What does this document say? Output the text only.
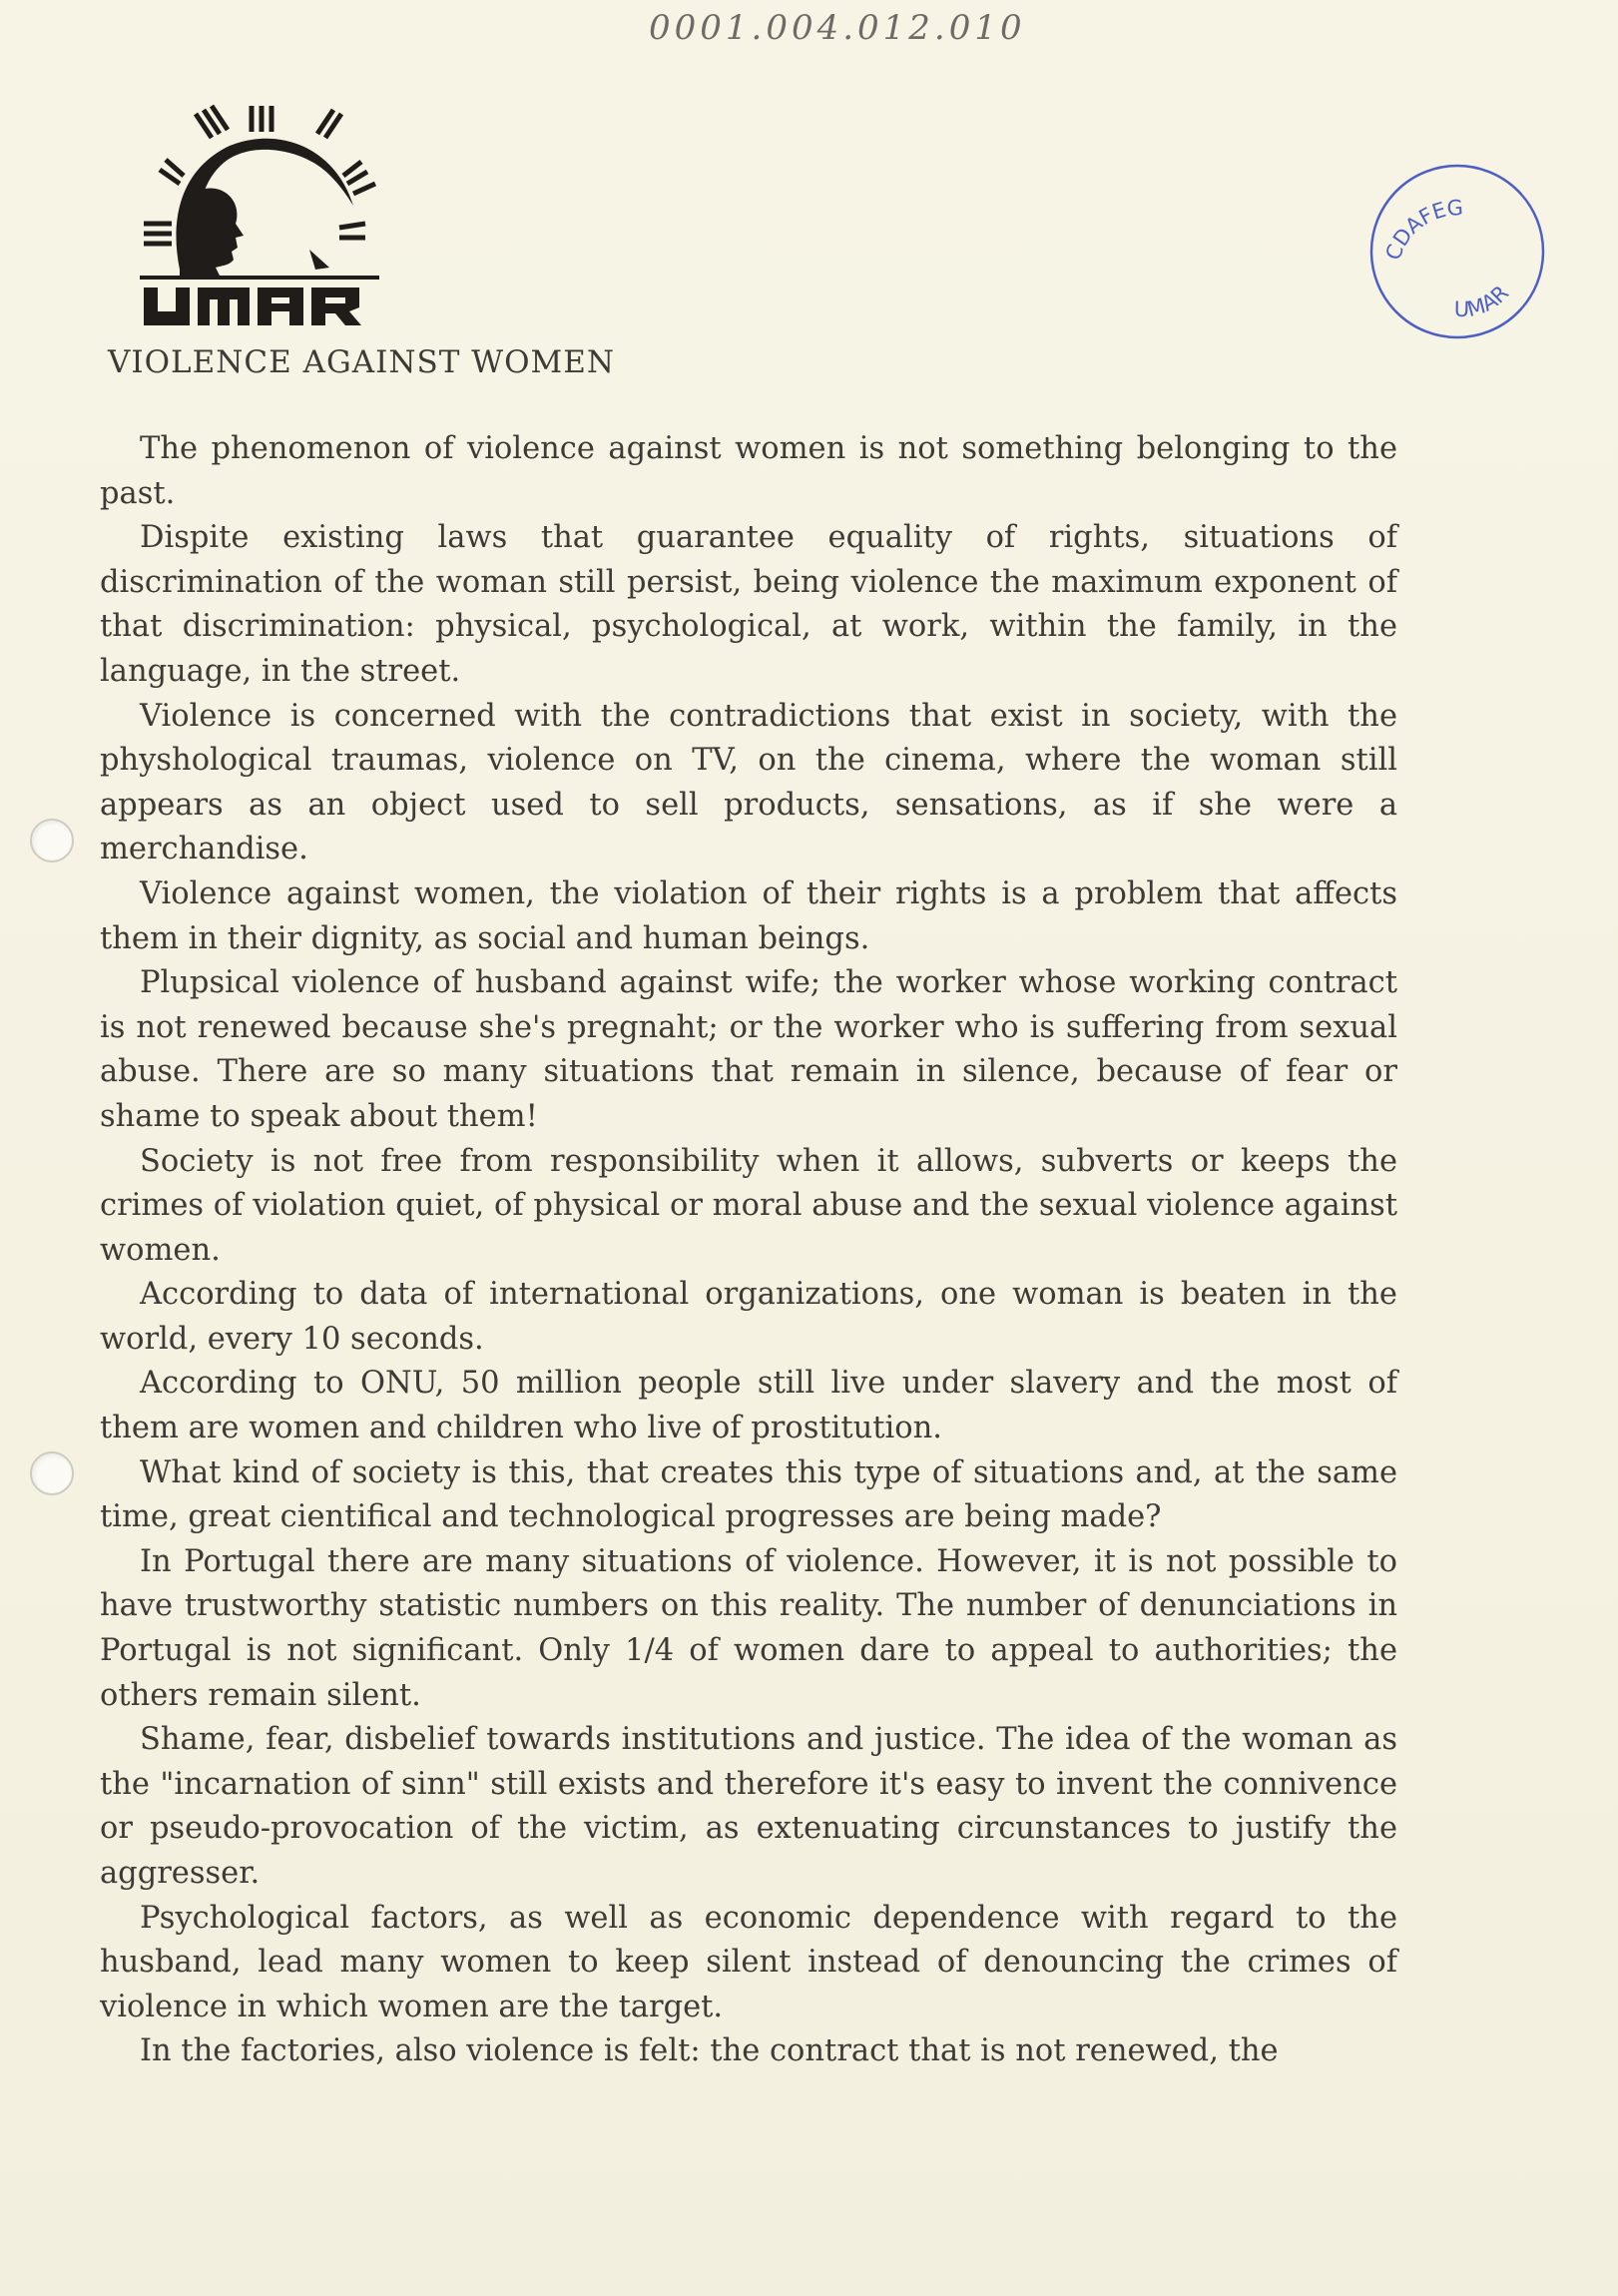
0001.004.012.010
CDAFEG
UMAR
VIOLENCE AGAINST WOMEN

The phenomenon of violence against women is not something belonging to the past.

Dispite existing laws that guarantee equality of rights, situations of discrimination of the woman still persist, being violence the maximum exponent of that discrimination: physical, psychological, at work, within the family, in the language, in the street.

Violence is concerned with the contradictions that exist in society, with the physhological traumas, violence on TV, on the cinema, where the woman still appears as an object used to sell products, sensations, as if she were a merchandise.

Violence against women, the violation of their rights is a problem that affects them in their dignity, as social and human beings.

Plupsical violence of husband against wife; the worker whose working contract is not renewed because she's pregnaht; or the worker who is suffering from sexual abuse. There are so many situations that remain in silence, because of fear or shame to speak about them!

Society is not free from responsibility when it allows, subverts or keeps the crimes of violation quiet, of physical or moral abuse and the sexual violence against women.

According to data of international organizations, one woman is beaten in the world, every 10 seconds.

According to ONU, 50 million people still live under slavery and the most of them are women and children who live of prostitution.

What kind of society is this, that creates this type of situations and, at the same time, great cientifical and technological progresses are being made?

In Portugal there are many situations of violence. However, it is not possible to have trustworthy statistic numbers on this reality. The number of denunciations in Portugal is not significant. Only 1/4 of women dare to appeal to authorities; the others remain silent.

Shame, fear, disbelief towards institutions and justice. The idea of the woman as the "incarnation of sinn" still exists and therefore it's easy to invent the connivence or pseudo-provocation of the victim, as extenuating circunstances to justify the aggresser.

Psychological factors, as well as economic dependence with regard to the husband, lead many women to keep silent instead of denouncing the crimes of violence in which women are the target.

In the factories, also violence is felt: the contract that is not renewed, the
